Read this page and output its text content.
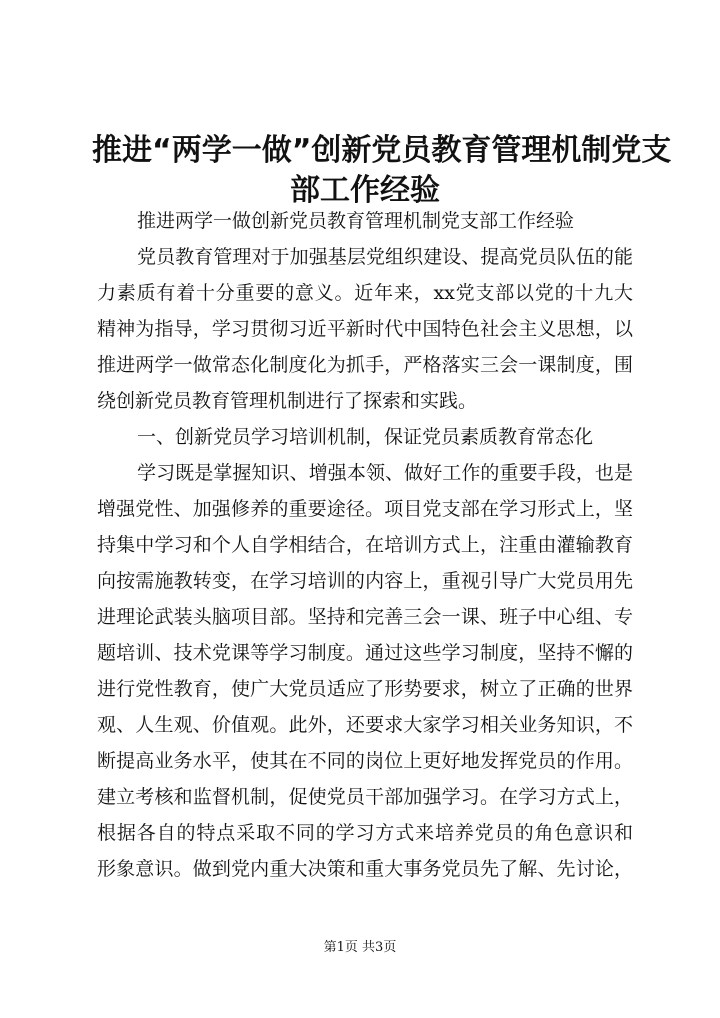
推进“两学一做”创新党员教育管理机制党支
部工作经验
推进两学一做创新党员教育管理机制党支部工作经验
党员教育管理对于加强基层党组织建设、提高党员队伍的能
力素质有着十分重要的意义。近年来，xx党支部以党的十九大
精神为指导，学习贯彻习近平新时代中国特色社会主义思想，以
推进两学一做常态化制度化为抓手，严格落实三会一课制度，围
绕创新党员教育管理机制进行了探索和实践。
一、创新党员学习培训机制，保证党员素质教育常态化
学习既是掌握知识、增强本领、做好工作的重要手段，也是
增强党性、加强修养的重要途径。项目党支部在学习形式上，坚
持集中学习和个人自学相结合，在培训方式上，注重由灌输教育
向按需施教转变，在学习培训的内容上，重视引导广大党员用先
进理论武装头脑项目部。坚持和完善三会一课、班子中心组、专
题培训、技术党课等学习制度。通过这些学习制度，坚持不懈的
进行党性教育，使广大党员适应了形势要求，树立了正确的世界
观、人生观、价值观。此外，还要求大家学习相关业务知识，不
断提高业务水平，使其在不同的岗位上更好地发挥党员的作用。
建立考核和监督机制，促使党员干部加强学习。在学习方式上，
根据各自的特点采取不同的学习方式来培养党员的角色意识和
形象意识。做到党内重大决策和重大事务党员先了解、先讨论，
第1页 共3页
